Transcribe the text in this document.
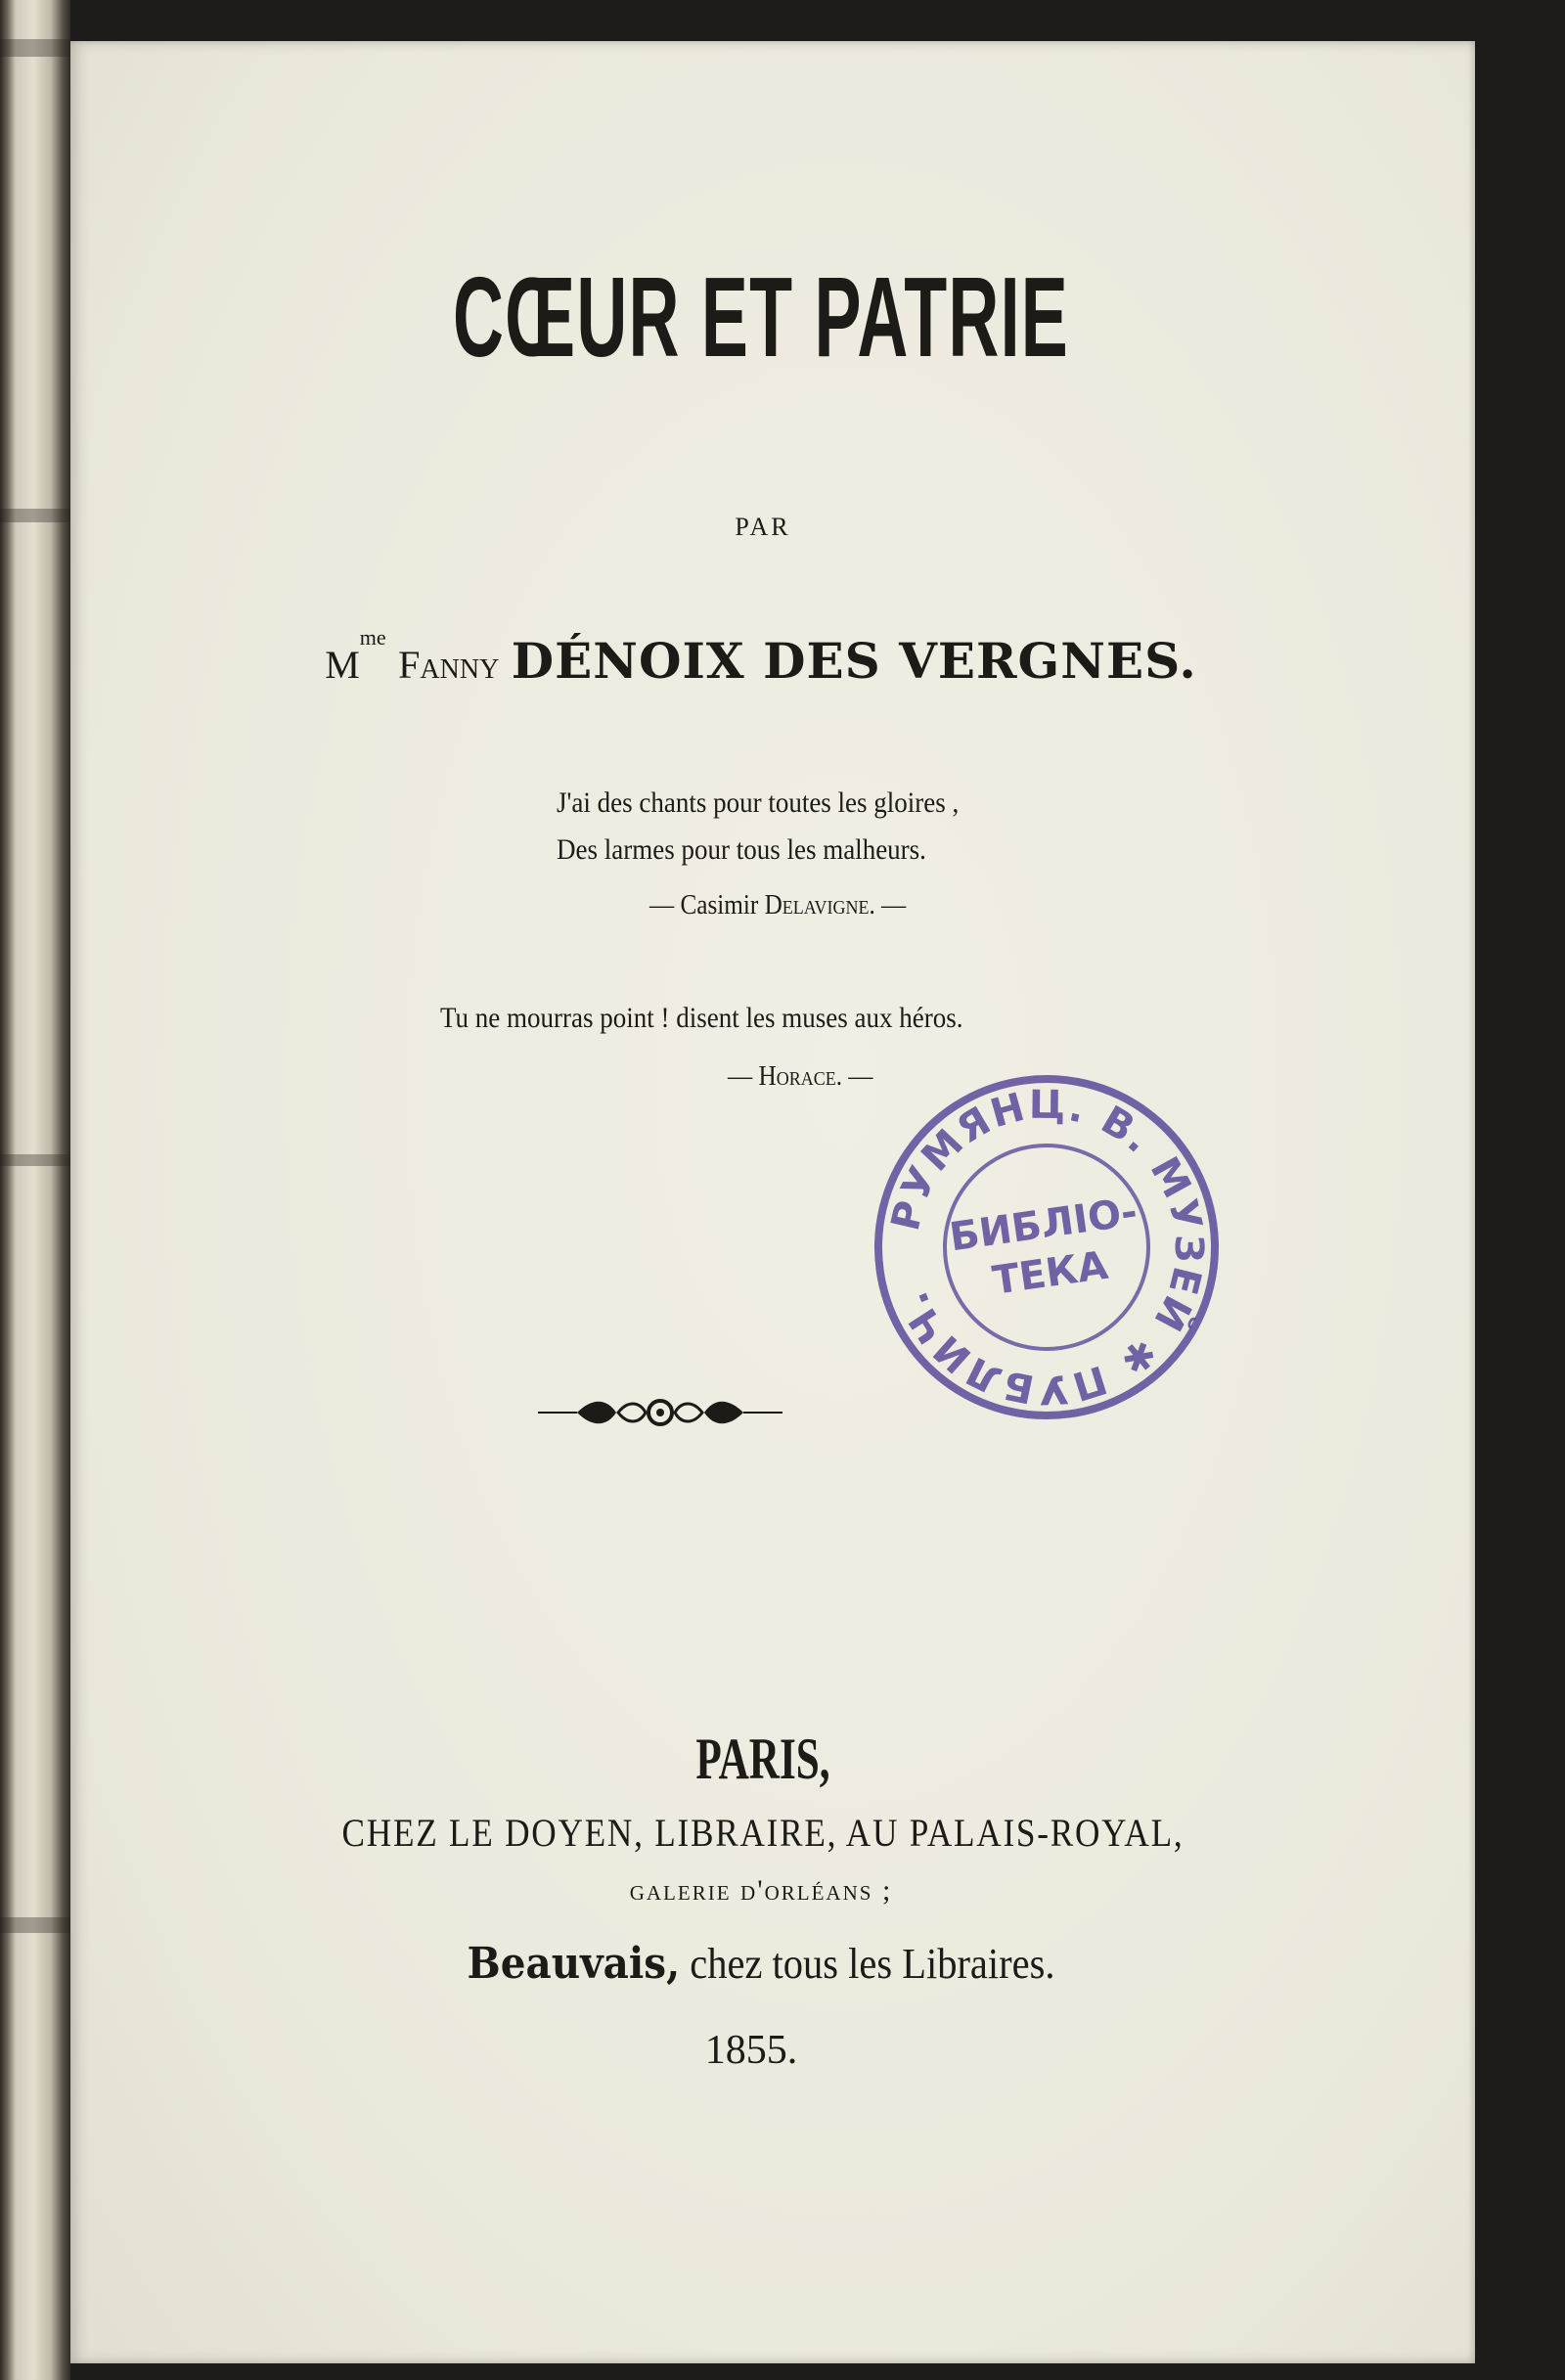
CŒUR ET PATRIE
PAR
$M^{me}$ Fanny DÉNOIX DES VERGNES.
J'ai des chants pour toutes les gloires ,
Des larmes pour tous les malheurs.
— Casimir Delavigne. —
Tu ne mourras point ! disent les muses aux héros.
— Horace. —
PARIS,
CHEZ LE DOYEN, LIBRAIRE, AU PALAIS-ROYAL,
galerie d'orléans ;
Beauvais, chez tous les Libraires.
1855.
РУМЯНЦ. В. МУЗЕЙ ✱ ПУБЛИЧ.
БИБЛІО-
ТЕКА
